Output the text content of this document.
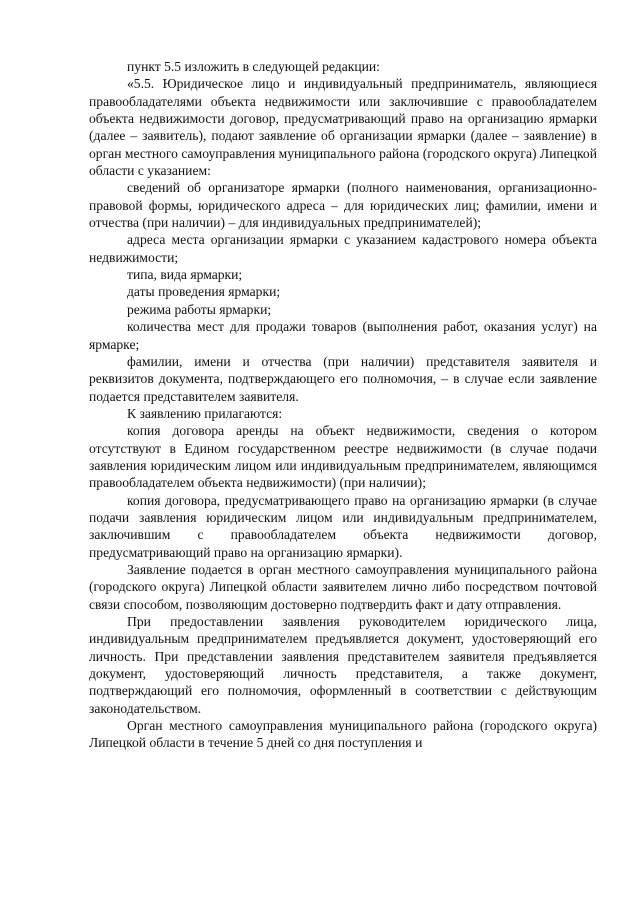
пункт 5.5 изложить в следующей редакции:

«5.5. Юридическое лицо и индивидуальный предприниматель, являющиеся правообладателями объекта недвижимости или заключившие с правообладателем объекта недвижимости договор, предусматривающий право на организацию ярмарки (далее – заявитель), подают заявление об организации ярмарки (далее – заявление) в орган местного самоуправления муниципального района (городского округа) Липецкой области с указанием:

сведений об организаторе ярмарки (полного наименования, организационно-правовой формы, юридического адреса – для юридических лиц; фамилии, имени и отчества (при наличии) – для индивидуальных предпринимателей);

адреса места организации ярмарки с указанием кадастрового номера объекта недвижимости;

типа, вида ярмарки;

даты проведения ярмарки;

режима работы ярмарки;

количества мест для продажи товаров (выполнения работ, оказания услуг) на ярмарке;

фамилии, имени и отчества (при наличии) представителя заявителя и реквизитов документа, подтверждающего его полномочия, – в случае если заявление подается представителем заявителя.

К заявлению прилагаются:

копия договора аренды на объект недвижимости, сведения о котором отсутствуют в Едином государственном реестре недвижимости (в случае подачи заявления юридическим лицом или индивидуальным предпринимателем, являющимся правообладателем объекта недвижимости) (при наличии);

копия договора, предусматривающего право на организацию ярмарки (в случае подачи заявления юридическим лицом или индивидуальным предпринимателем, заключившим с правообладателем объекта недвижимости договор, предусматривающий право на организацию ярмарки).

Заявление подается в орган местного самоуправления муниципального района (городского округа) Липецкой области заявителем лично либо посредством почтовой связи способом, позволяющим достоверно подтвердить факт и дату отправления.

При предоставлении заявления руководителем юридического лица, индивидуальным предпринимателем предъявляется документ, удостоверяющий его личность. При представлении заявления представителем заявителя предъявляется документ, удостоверяющий личность представителя, а также документ, подтверждающий его полномочия, оформленный в соответствии с действующим законодательством.

Орган местного самоуправления муниципального района (городского округа) Липецкой области в течение 5 дней со дня поступления и
